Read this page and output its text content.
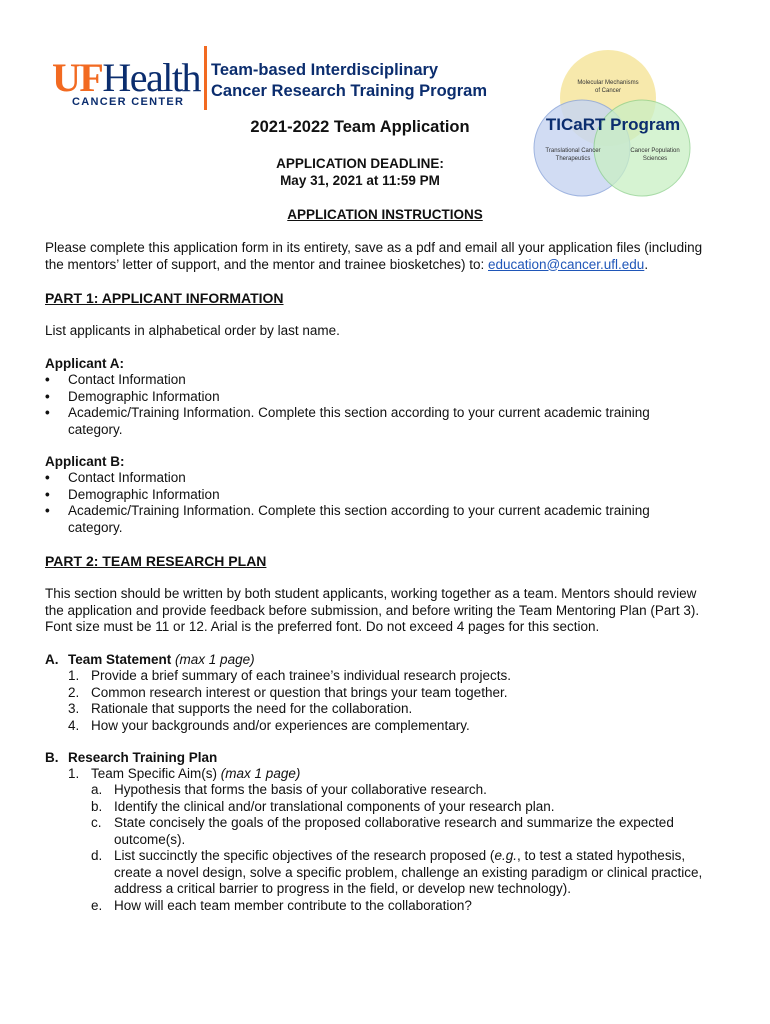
UFHealth
CANCER CENTER
Team-based Interdisciplinary
Cancer Research Training Program	Molecular Mechanisms
of Cancer
TICaRT Program
Translational Cancer
Therapeutics
Cancer Population
Sciences
2021-2022 Team Application
APPLICATION DEADLINE:
May 31, 2021 at 11:59 PM
APPLICATION INSTRUCTIONS
Please complete this application form in its entirety, save as a pdf and email all your application files (including
the mentors’ letter of support, and the mentor and trainee biosketches) to: education@cancer.ufl.edu.
PART 1: APPLICANT INFORMATION
List applicants in alphabetical order by last name.
Applicant A:
• Contact Information
• Demographic Information
• Academic/Training Information. Complete this section according to your current academic training category.
Applicant B:
• Contact Information
• Demographic Information
• Academic/Training Information. Complete this section according to your current academic training category.
PART 2: TEAM RESEARCH PLAN
This section should be written by both student applicants, working together as a team. Mentors should review
the application and provide feedback before submission, and before writing the Team Mentoring Plan (Part 3).
Font size must be 11 or 12. Arial is the preferred font. Do not exceed 4 pages for this section.
A. Team Statement (max 1 page)
1. Provide a brief summary of each trainee’s individual research projects.
2. Common research interest or question that brings your team together.
3. Rationale that supports the need for the collaboration.
4. How your backgrounds and/or experiences are complementary.
B. Research Training Plan
1. Team Specific Aim(s) (max 1 page)
a. Hypothesis that forms the basis of your collaborative research.
b. Identify the clinical and/or translational components of your research plan.
c. State concisely the goals of the proposed collaborative research and summarize the expected
outcome(s).
d. List succinctly the specific objectives of the research proposed (e.g., to test a stated hypothesis,
create a novel design, solve a specific problem, challenge an existing paradigm or clinical practice,
address a critical barrier to progress in the field, or develop new technology).
e. How will each team member contribute to the collaboration?
